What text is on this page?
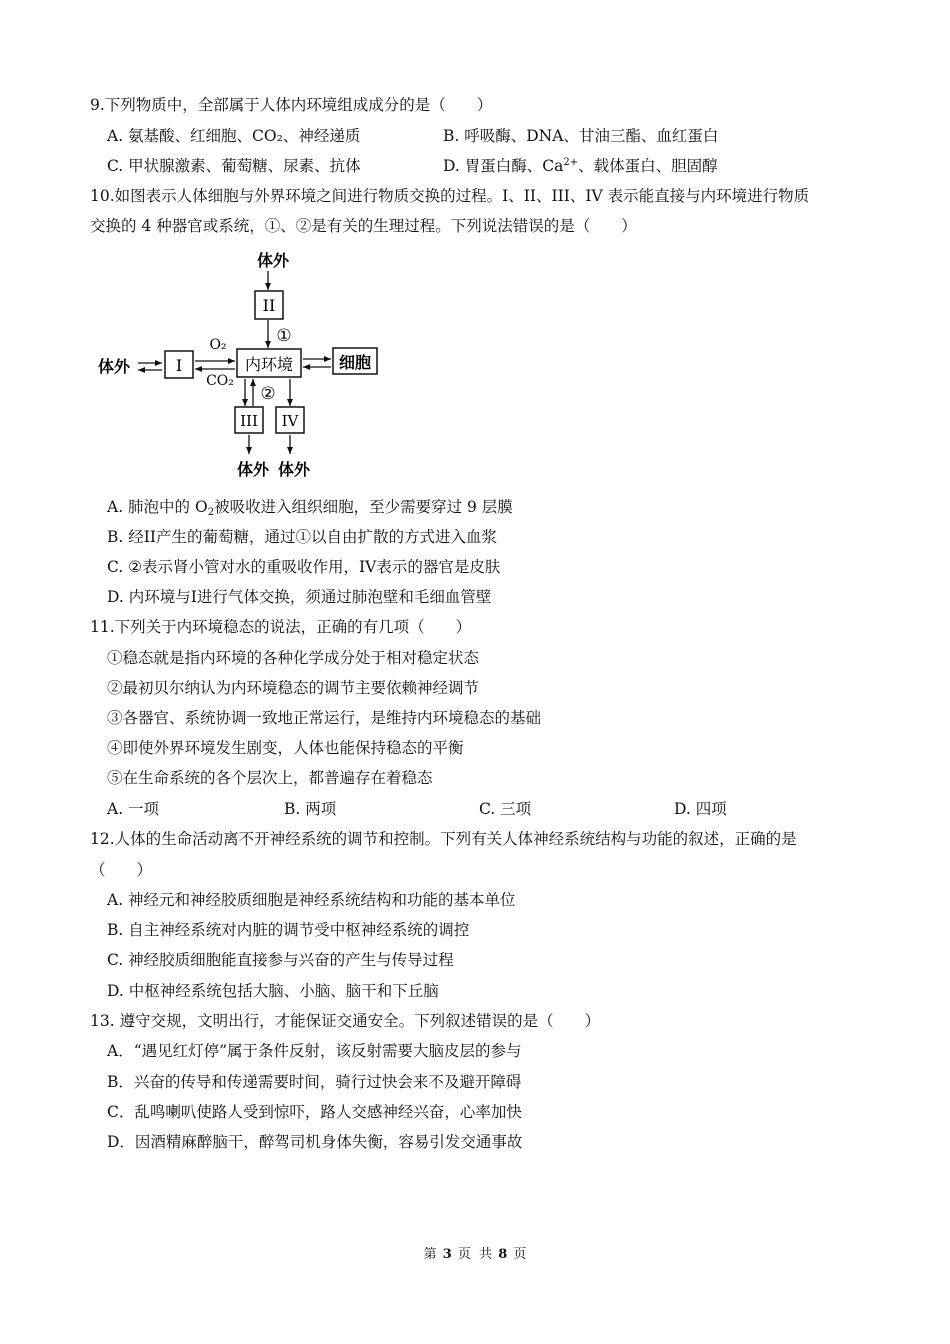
9.下列物质中，全部属于人体内环境组成成分的是（　　）
A. 氨基酸、红细胞、CO₂、神经递质	B. 呼吸酶、DNA、甘油三酯、血红蛋白
C. 甲状腺激素、葡萄糖、尿素、抗体	D. 胃蛋白酶、$Ca^{2+}$、载体蛋白、胆固醇
10.如图表示人体细胞与外界环境之间进行物质交换的过程。I、II、III、IV 表示能直接与内环境进行物质
交换的 4 种器官或系统，①、②是有关的生理过程。下列说法错误的是（　　）
体外
II
①
体外	I
O₂
CO₂
内环境	细胞
②
III IV
体外 体外
A. 肺泡中的 $O_2$被吸收进入组织细胞，至少需要穿过 9 层膜
B. 经II产生的葡萄糖，通过①以自由扩散的方式进入血浆
C. ②表示肾小管对水的重吸收作用，IV表示的器官是皮肤
D. 内环境与I进行气体交换，须通过肺泡壁和毛细血管壁
11.下列关于内环境稳态的说法，正确的有几项（　　）
①稳态就是指内环境的各种化学成分处于相对稳定状态
②最初贝尔纳认为内环境稳态的调节主要依赖神经调节
③各器官、系统协调一致地正常运行，是维持内环境稳态的基础
④即使外界环境发生剧变，人体也能保持稳态的平衡
⑤在生命系统的各个层次上，都普遍存在着稳态
A. 一项	B. 两项	C. 三项	D. 四项
12.人体的生命活动离不开神经系统的调节和控制。下列有关人体神经系统结构与功能的叙述，正确的是
（　　）
A. 神经元和神经胶质细胞是神经系统结构和功能的基本单位
B. 自主神经系统对内脏的调节受中枢神经系统的调控
C. 神经胶质细胞能直接参与兴奋的产生与传导过程
D. 中枢神经系统包括大脑、小脑、脑干和下丘脑
13. 遵守交规，文明出行，才能保证交通安全。下列叙述错误的是（　　）
A．“遇见红灯停”属于条件反射，该反射需要大脑皮层的参与
B．兴奋的传导和传递需要时间，骑行过快会来不及避开障碍
C．乱鸣喇叭使路人受到惊吓，路人交感神经兴奋，心率加快
D．因酒精麻醉脑干，醉驾司机身体失衡，容易引发交通事故
第 3 页 共 8 页
